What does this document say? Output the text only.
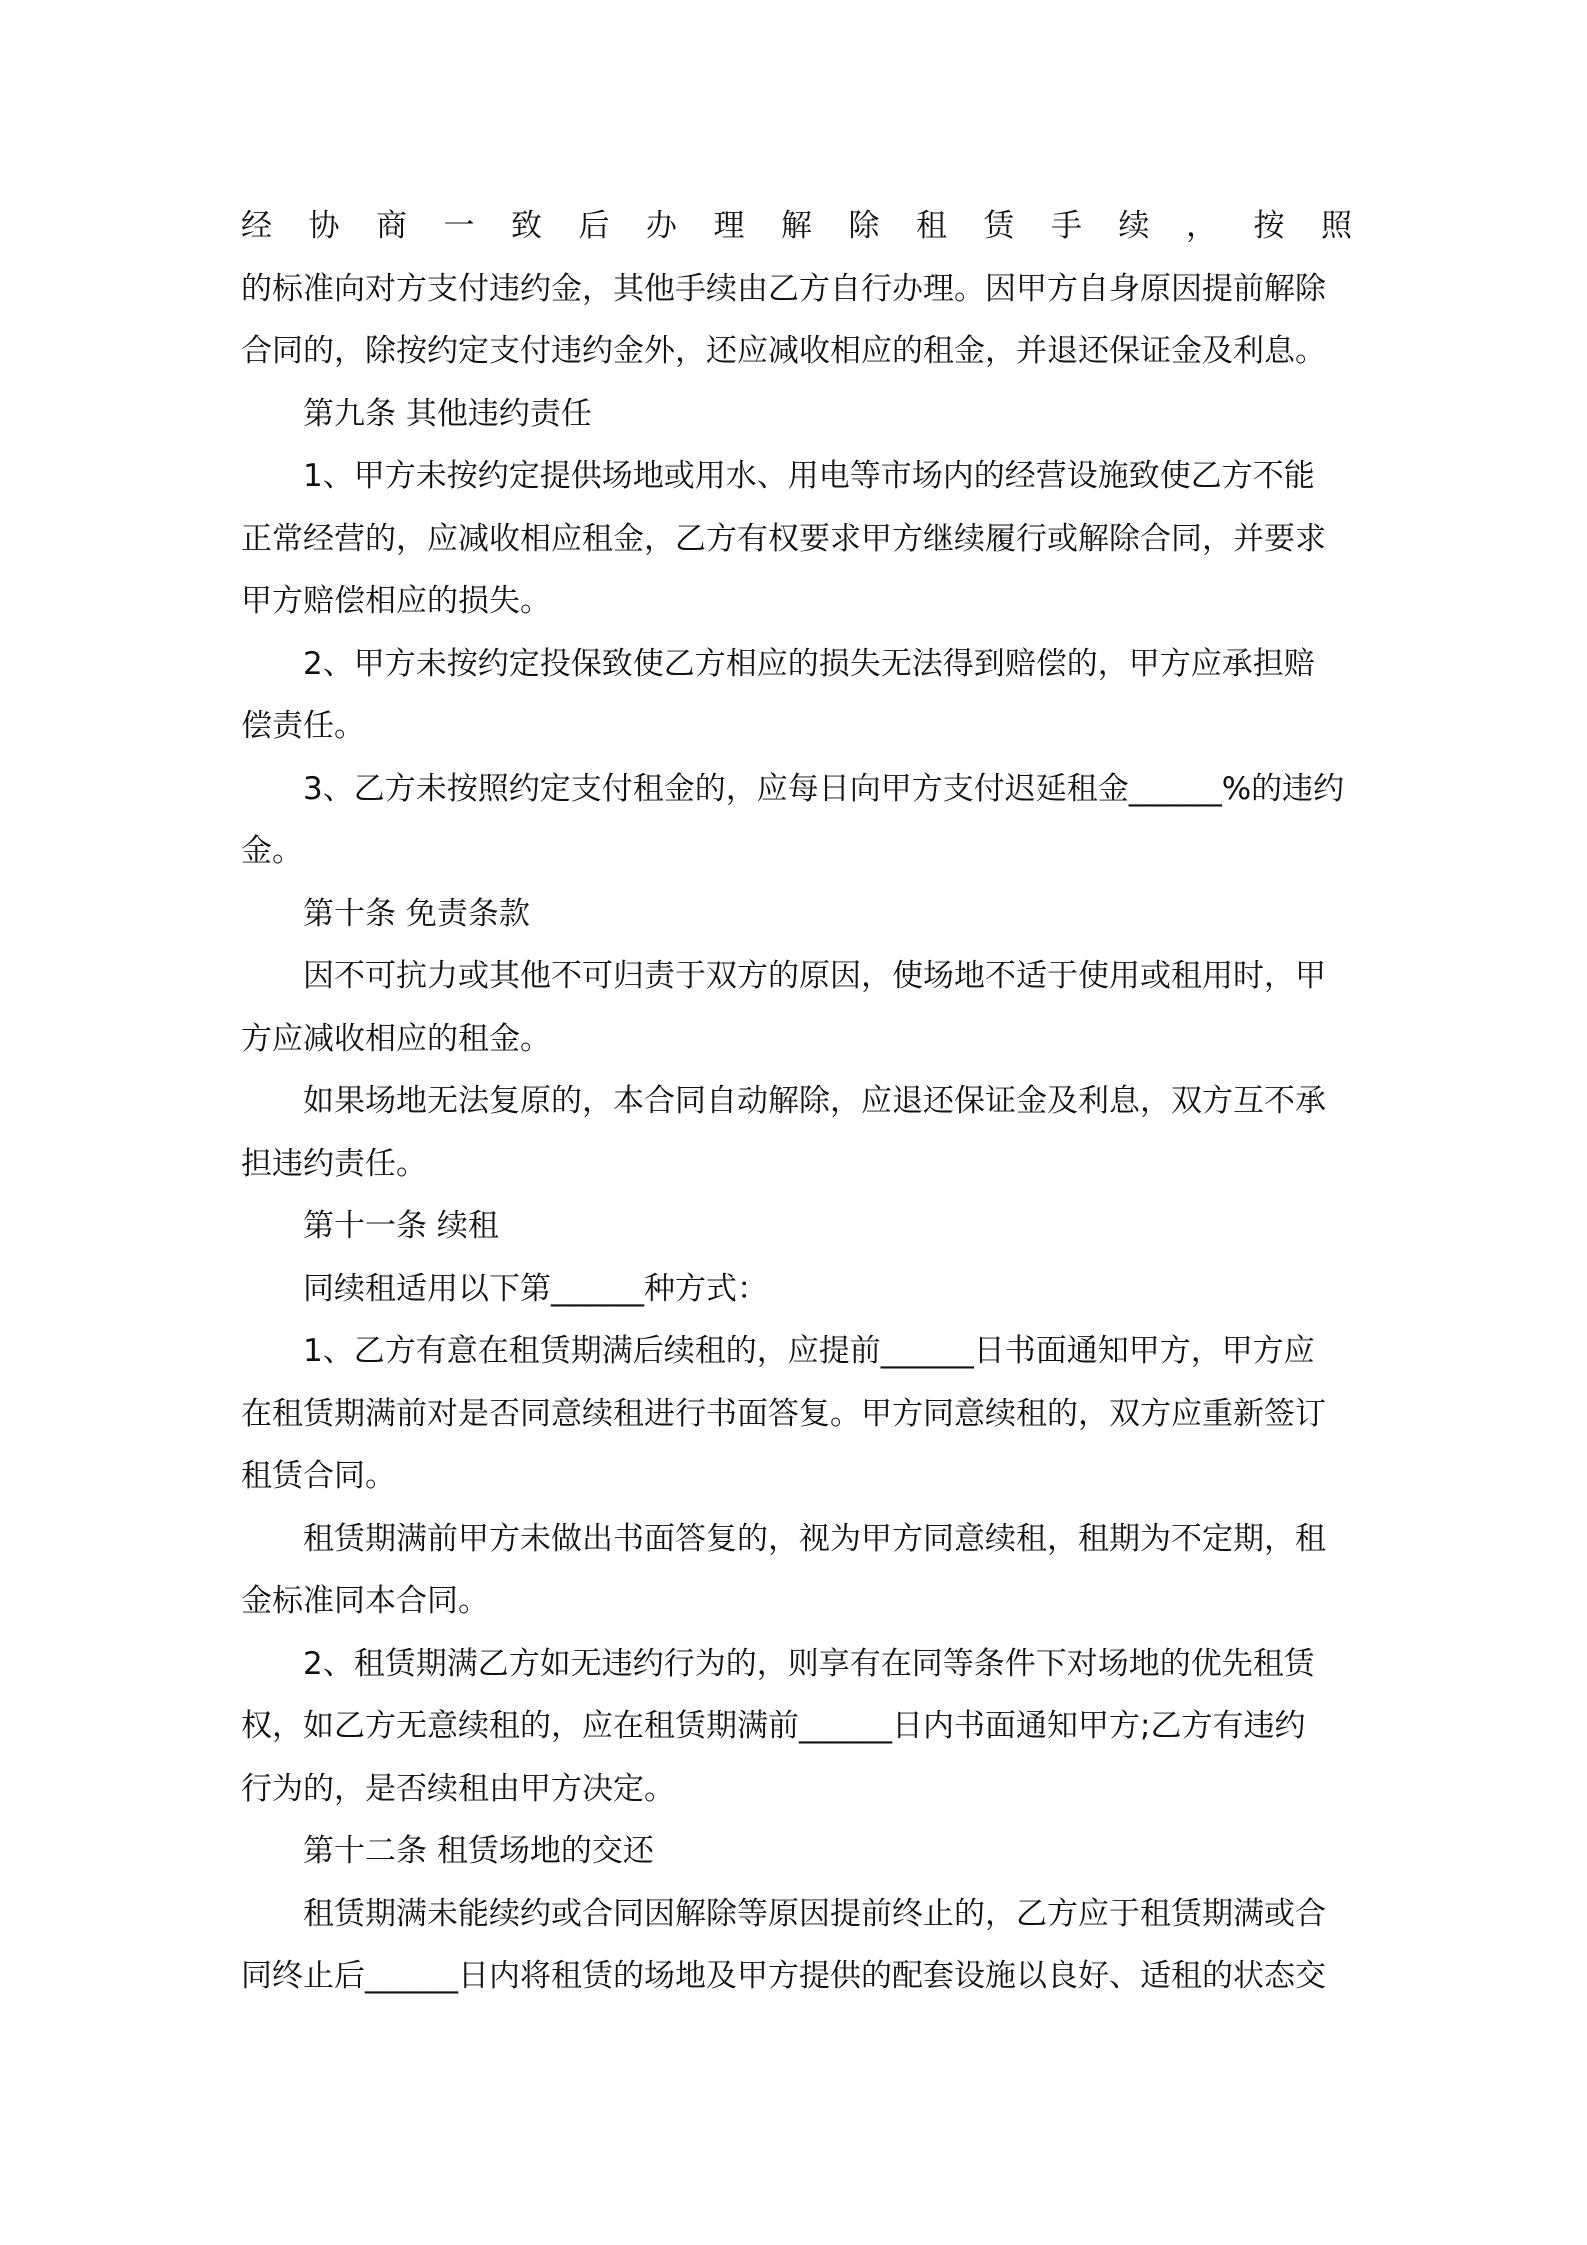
经 协 商 一 致 后 办 理 解 除 租 赁 手 续 ， 按 照
的标准向对方支付违约金，其他手续由乙方自行办理。因甲方自身原因提前解除
合同的，除按约定支付违约金外，还应减收相应的租金，并退还保证金及利息。
第九条 其他违约责任
1、甲方未按约定提供场地或用水、用电等市场内的经营设施致使乙方不能
正常经营的，应减收相应租金，乙方有权要求甲方继续履行或解除合同，并要求
甲方赔偿相应的损失。
2、甲方未按约定投保致使乙方相应的损失无法得到赔偿的，甲方应承担赔
偿责任。
3、乙方未按照约定支付租金的，应每日向甲方支付迟延租金______%的违约
金。
第十条 免责条款
因不可抗力或其他不可归责于双方的原因，使场地不适于使用或租用时，甲
方应减收相应的租金。
如果场地无法复原的，本合同自动解除，应退还保证金及利息，双方互不承
担违约责任。
第十一条 续租
同续租适用以下第______种方式：
1、乙方有意在租赁期满后续租的，应提前______日书面通知甲方，甲方应
在租赁期满前对是否同意续租进行书面答复。甲方同意续租的，双方应重新签订
租赁合同。
租赁期满前甲方未做出书面答复的，视为甲方同意续租，租期为不定期，租
金标准同本合同。
2、租赁期满乙方如无违约行为的，则享有在同等条件下对场地的优先租赁
权，如乙方无意续租的，应在租赁期满前______日内书面通知甲方;乙方有违约
行为的，是否续租由甲方决定。
第十二条 租赁场地的交还
租赁期满未能续约或合同因解除等原因提前终止的，乙方应于租赁期满或合
同终止后______日内将租赁的场地及甲方提供的配套设施以良好、适租的状态交
